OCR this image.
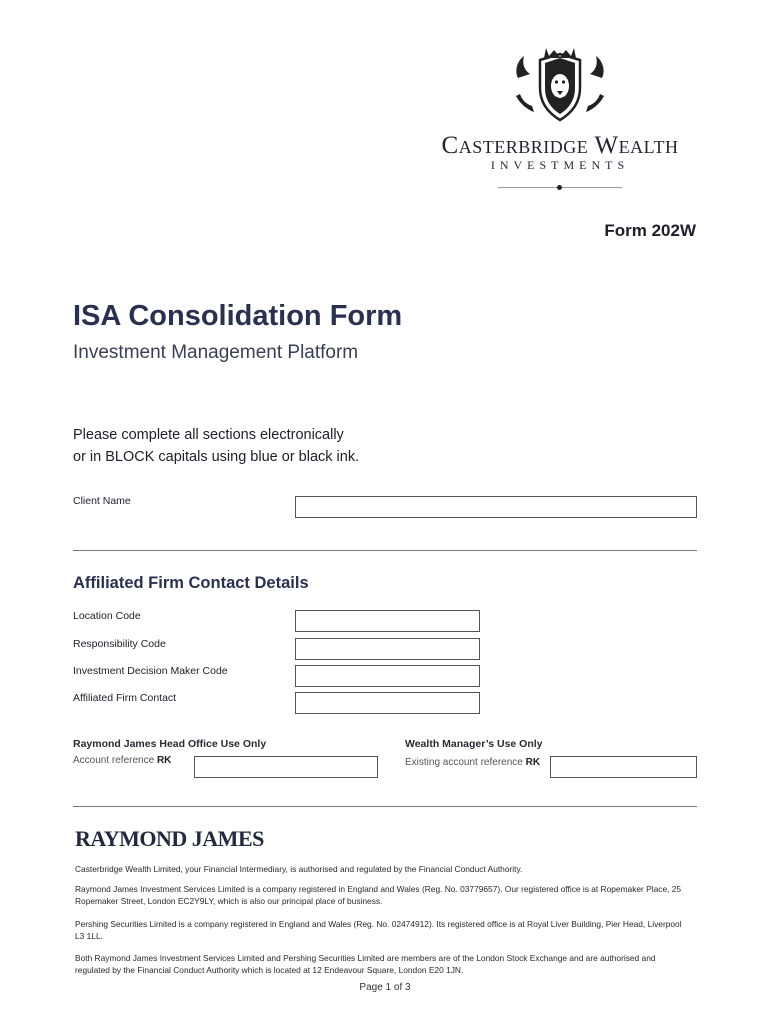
Casterbridge Wealth
INVESTMENTS
Form 202W
ISA Consolidation Form
Investment Management Platform
Please complete all sections electronically
or in BLOCK capitals using blue or black ink.
Client Name
Affiliated Firm Contact Details
Location Code
Responsibility Code
Investment Decision Maker Code
Affiliated Firm Contact
Raymond James Head Office Use Only
Account reference RK
Wealth Manager’s Use Only
Existing account reference RK
RAYMOND JAMES
Casterbridge Wealth Limited, your Financial Intermediary, is authorised and regulated by the Financial Conduct Authority.
Raymond James Investment Services Limited is a company registered in England and Wales (Reg. No. 03779657). Our registered office is at Ropemaker Place, 25 Ropemaker Street, London EC2Y9LY, which is also our principal place of business.
Pershing Securities Limited is a company registered in England and Wales (Reg. No. 02474912). Its registered office is at Royal Liver Building, Pier Head, Liverpool L3 1LL.
Both Raymond James Investment Services Limited and Pershing Securities Limited are members are of the London Stock Exchange and are authorised and regulated by the Financial Conduct Authority which is located at 12 Endeavour Square, London E20 1JN.
Page 1 of 3
